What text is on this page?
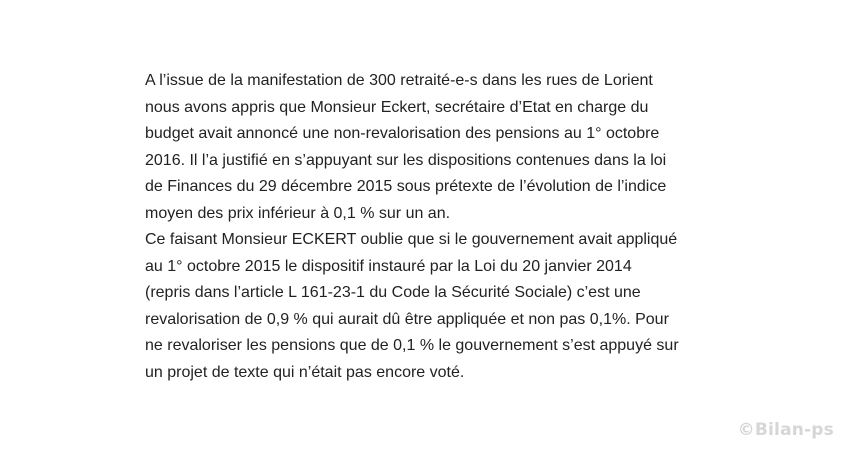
A l’issue de la manifestation de 300 retraité-e-s dans les rues de Lorient
nous avons appris que Monsieur Eckert, secrétaire d’Etat en charge du
budget avait annoncé une non-revalorisation des pensions au 1° octobre
2016. Il l’a justifié en s’appuyant sur les dispositions contenues dans la loi
de Finances du 29 décembre 2015 sous prétexte de l’évolution de l’indice
moyen des prix inférieur à 0,1 % sur un an.
Ce faisant Monsieur ECKERT oublie que si le gouvernement avait appliqué
au 1° octobre 2015 le dispositif instauré par la Loi du 20 janvier 2014
(repris dans l’article L 161-23-1 du Code la Sécurité Sociale) c’est une
revalorisation de 0,9 % qui aurait dû être appliquée et non pas 0,1%. Pour
ne revaloriser les pensions que de 0,1 % le gouvernement s’est appuyé sur
un projet de texte qui n’était pas encore voté.
©Bilan-ps
